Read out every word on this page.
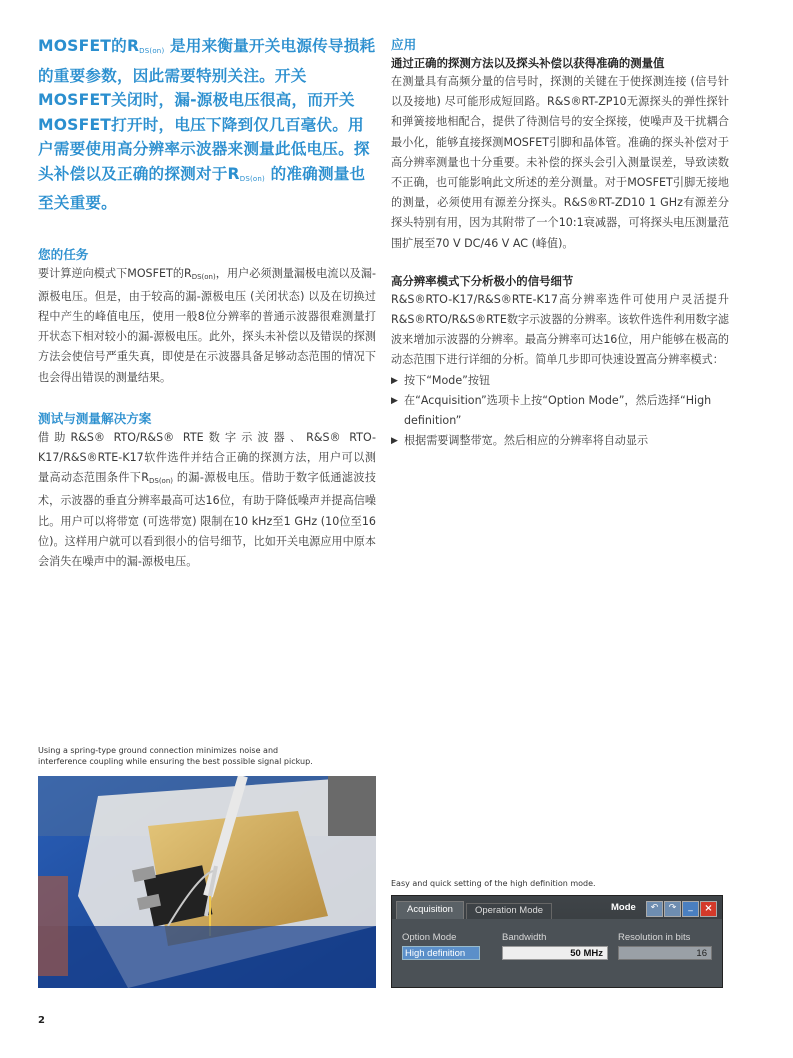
MOSFET的$R_{DS(on)}$ 是用来衡量开关电源传导损耗的重要参数，因此需要特别关注。开关MOSFET关闭时，漏-源极电压很高，而开关MOSFET打开时，电压下降到仅几百毫伏。用户需要使用高分辨率示波器来测量此低电压。探头补偿以及正确的探测对于$R_{DS(on)}$ 的准确测量也至关重要。

您的任务

要计算逆向模式下MOSFET的$R_{DS(on)}$，用户必须测量漏极电流以及漏-源极电压。但是，由于较高的漏-源极电压 (关闭状态) 以及在切换过程中产生的峰值电压，使用一般8位分辨率的普通示波器很难测量打开状态下相对较小的漏-源极电压。此外，探头未补偿以及错误的探测方法会使信号严重失真，即使是在示波器具备足够动态范围的情况下也会得出错误的测量结果。

测试与测量解决方案

借助R&S® RTO/R&S® RTE数字示波器、R&S® RTO-K17/R&S®RTE-K17软件选件并结合正确的探测方法，用户可以测量高动态范围条件下$R_{DS(on)}$ 的漏-源极电压。借助于数字低通滤波技术，示波器的垂直分辨率最高可达16位，有助于降低噪声并提高信噪比。用户可以将带宽 (可选带宽) 限制在10 kHz至1 GHz (10位至16位)。这样用户就可以看到很小的信号细节，比如开关电源应用中原本会消失在噪声中的漏-源极电压。

应用
通过正确的探测方法以及探头补偿以获得准确的测量值

在测量具有高频分量的信号时，探测的关键在于使探测连接 (信号针以及接地) 尽可能形成短回路。R&S®RT-ZP10无源探头的弹性探针和弹簧接地相配合，提供了待测信号的安全探接，使噪声及干扰耦合最小化，能够直接探测MOSFET引脚和晶体管。准确的探头补偿对于高分辨率测量也十分重要。未补偿的探头会引入测量误差，导致读数不正确，也可能影响此文所述的差分测量。对于MOSFET引脚无接地的测量，必须使用有源差分探头。R&S®RT-ZD10 1 GHz有源差分探头特别有用，因为其附带了一个10:1衰减器，可将探头电压测量范围扩展至70 V DC/46 V AC (峰值)。

高分辨率模式下分析极小的信号细节

R&S®RTO-K17/R&S®RTE-K17高分辨率选件可使用户灵活提升R&S®RTO/R&S®RTE数字示波器的分辨率。该软件选件利用数字滤波来增加示波器的分辨率。最高分辨率可达16位，用户能够在极高的动态范围下进行详细的分析。简单几步即可快速设置高分辨率模式：

▶ 按下“Mode”按钮
▶ 在“Acquisition”选项卡上按“Option Mode”，然后选择“High definition”
▶ 根据需要调整带宽。然后相应的分辨率将自动显示
Using a spring-type ground connection minimizes noise and interference coupling while ensuring the best possible signal pickup.
Easy and quick setting of the high definition mode.
Acquisition	Operation Mode	Mode	↶	↷	_	×
Option Mode
High definition
Bandwidth
50 MHz
Resolution in bits
16
2
